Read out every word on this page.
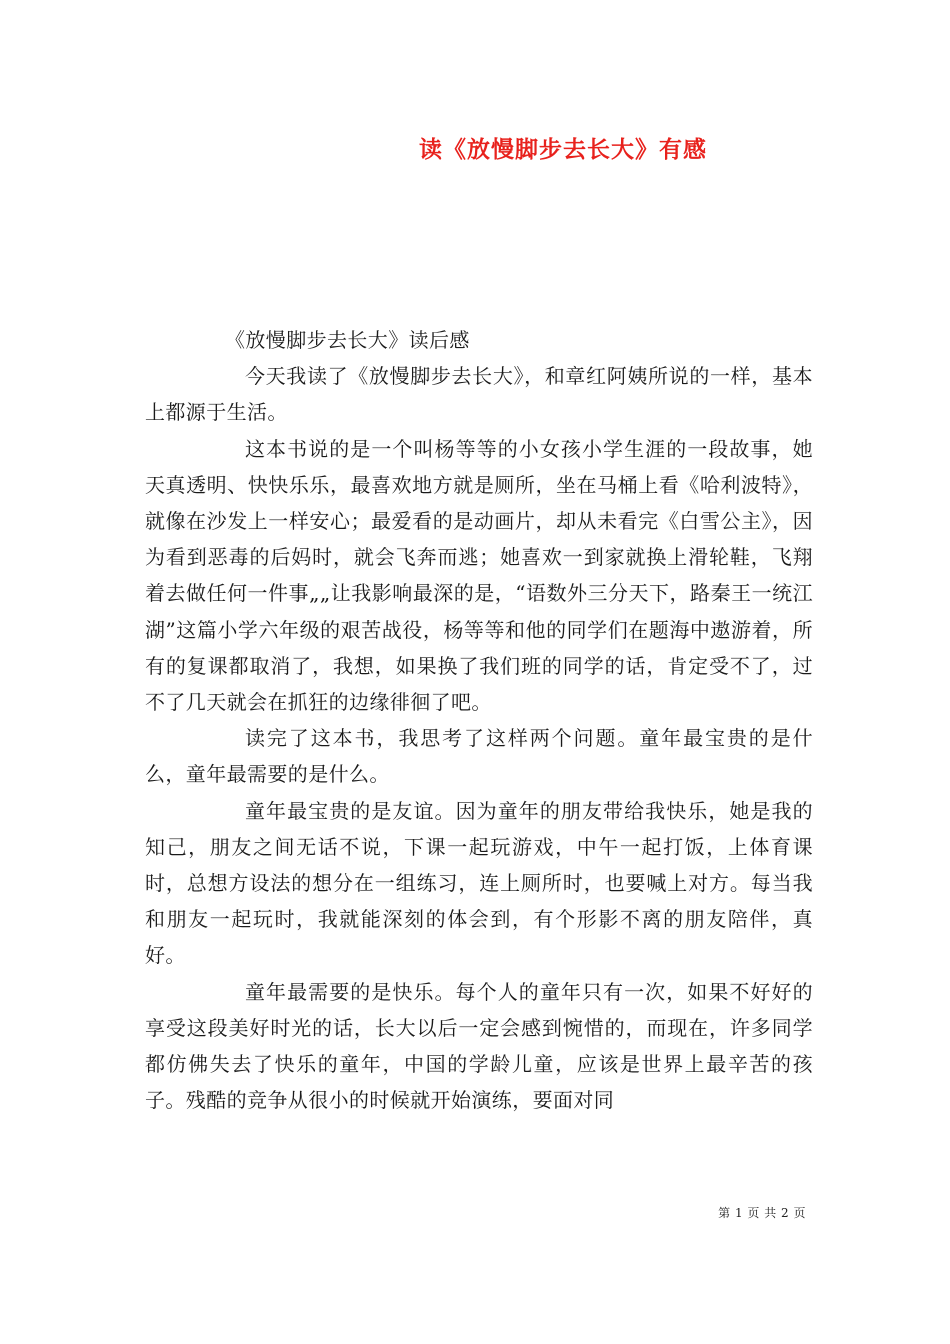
读《放慢脚步去长大》有感

《放慢脚步去长大》读后感

今天我读了《放慢脚步去长大》，和章红阿姨所说的一样，基本上都源于生活。

这本书说的是一个叫杨等等的小女孩小学生涯的一段故事，她天真透明、快快乐乐，最喜欢地方就是厕所，坐在马桶上看《哈利波特》，就像在沙发上一样安心；最爱看的是动画片，却从未看完《白雪公主》，因为看到恶毒的后妈时，就会飞奔而逃；她喜欢一到家就换上滑轮鞋，飞翔着去做任何一件事„„让我影响最深的是，“语数外三分天下，路秦王一统江湖”这篇小学六年级的艰苦战役，杨等等和他的同学们在题海中遨游着，所有的复课都取消了，我想，如果换了我们班的同学的话，肯定受不了，过不了几天就会在抓狂的边缘徘徊了吧。

读完了这本书，我思考了这样两个问题。童年最宝贵的是什么，童年最需要的是什么。

童年最宝贵的是友谊。因为童年的朋友带给我快乐，她是我的知己，朋友之间无话不说，下课一起玩游戏，中午一起打饭，上体育课时，总想方设法的想分在一组练习，连上厕所时，也要喊上对方。每当我和朋友一起玩时，我就能深刻的体会到，有个形影不离的朋友陪伴，真好。

童年最需要的是快乐。每个人的童年只有一次，如果不好好的享受这段美好时光的话，长大以后一定会感到惋惜的，而现在，许多同学都仿佛失去了快乐的童年，中国的学龄儿童，应该是世界上最辛苦的孩子。残酷的竞争从很小的时候就开始演练，要面对同

第 1 页 共 2 页
